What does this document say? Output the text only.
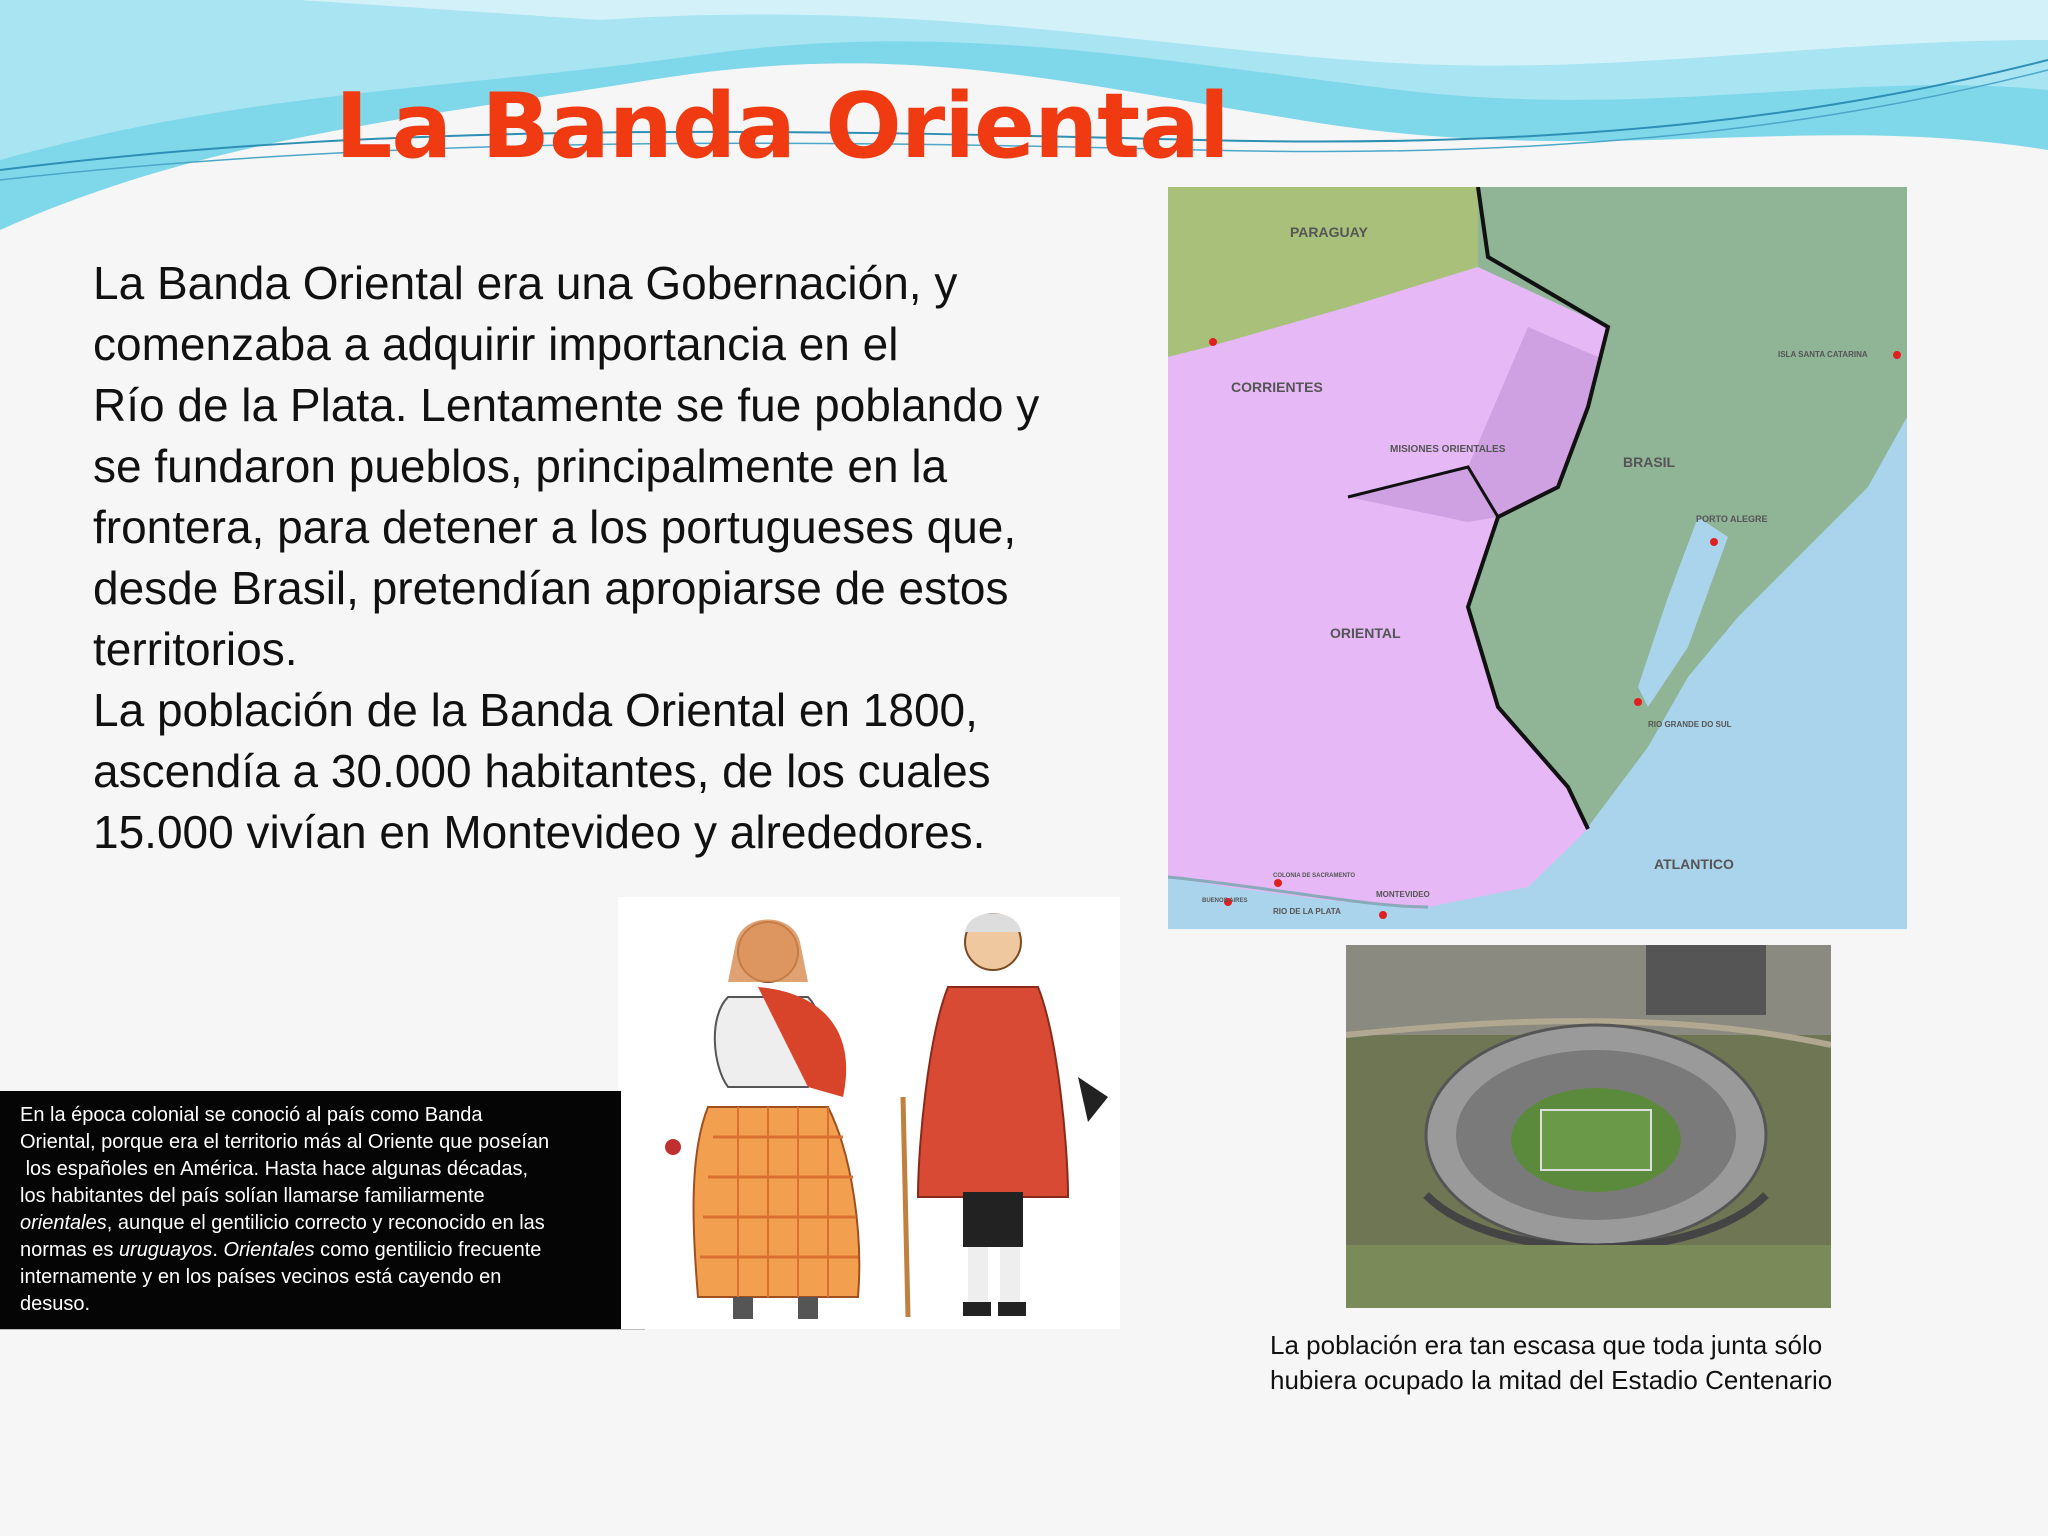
La Banda Oriental

La Banda Oriental era una Gobernación, y
comenzaba a adquirir importancia en el
Río de la Plata. Lentamente se fue poblando y
se fundaron pueblos, principalmente en la
frontera, para detener a los portugueses que,
desde Brasil, pretendían apropiarse de estos
territorios.

La población de la Banda Oriental en 1800,
ascendía a 30.000 habitantes, de los cuales
15.000 vivían en Montevideo y alrededores.

PARAGUAY
CORRIENTES
MISIONES ORIENTALES
BRASIL
ISLA SANTA CATARINA
PORTO ALEGRE
ORIENTAL
RIO GRANDE DO SUL
ATLANTICO
COLONIA DE SACRAMENTO
MONTEVIDEO
BUENOS AIRES
RIO DE LA PLATA
En la época colonial se conoció al país como Banda
Oriental, porque era el territorio más al Oriente que poseían
los españoles en América. Hasta hace algunas décadas,
los habitantes del país solían llamarse familiarmente
orientales, aunque el gentilicio correcto y reconocido en las
normas es uruguayos. Orientales como gentilicio frecuente
internamente y en los países vecinos está cayendo en
desuso.
La población era tan escasa que toda junta sólo
hubiera ocupado la mitad del Estadio Centenario
